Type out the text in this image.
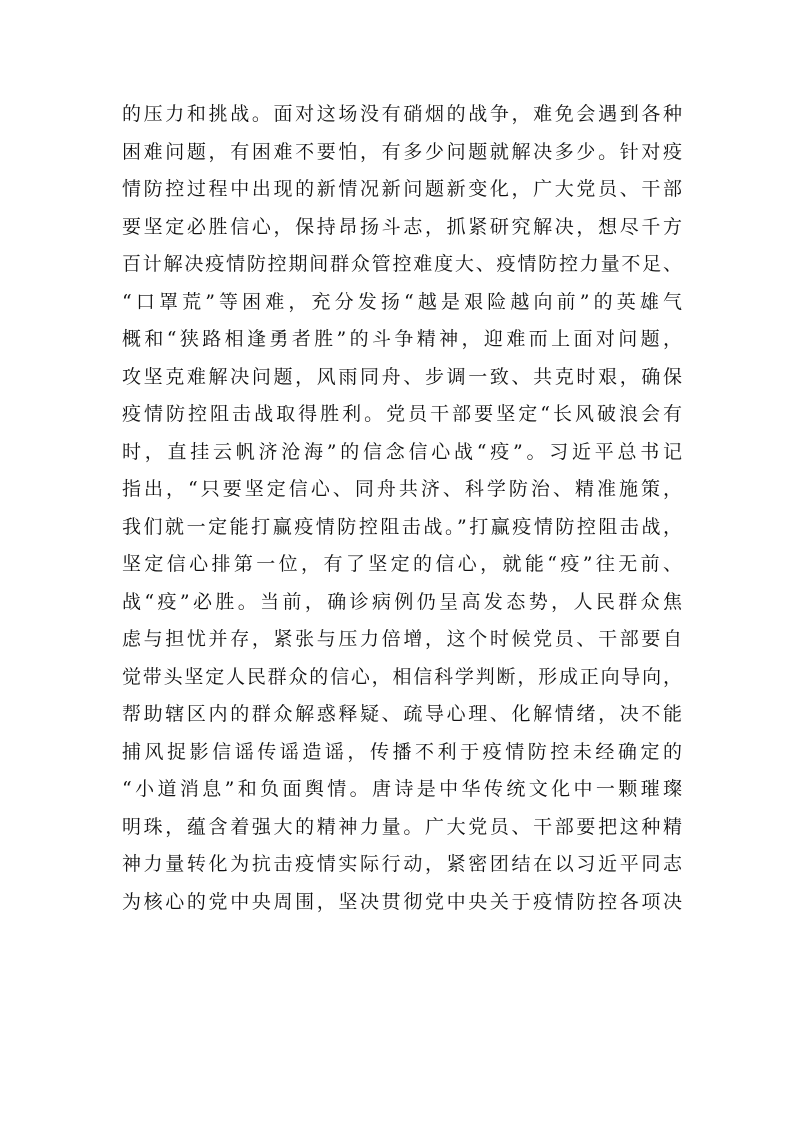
的压力和挑战。面对这场没有硝烟的战争，难免会遇到各种
困难问题，有困难不要怕，有多少问题就解决多少。针对疫
情防控过程中出现的新情况新问题新变化，广大党员、干部
要坚定必胜信心，保持昂扬斗志，抓紧研究解决，想尽千方
百计解决疫情防控期间群众管控难度大、疫情防控力量不足、
“口罩荒”等困难，充分发扬“越是艰险越向前”的英雄气
概和“狭路相逢勇者胜”的斗争精神，迎难而上面对问题，
攻坚克难解决问题，风雨同舟、步调一致、共克时艰，确保
疫情防控阻击战取得胜利。党员干部要坚定“长风破浪会有
时，直挂云帆济沧海”的信念信心战“疫”。习近平总书记
指出，“只要坚定信心、同舟共济、科学防治、精准施策，
我们就一定能打赢疫情防控阻击战。”打赢疫情防控阻击战，
坚定信心排第一位，有了坚定的信心，就能“疫”往无前、
战“疫”必胜。当前，确诊病例仍呈高发态势，人民群众焦
虑与担忧并存，紧张与压力倍增，这个时候党员、干部要自
觉带头坚定人民群众的信心，相信科学判断，形成正向导向，
帮助辖区内的群众解惑释疑、疏导心理、化解情绪，决不能
捕风捉影信谣传谣造谣，传播不利于疫情防控未经确定的
“小道消息”和负面舆情。唐诗是中华传统文化中一颗璀璨
明珠，蕴含着强大的精神力量。广大党员、干部要把这种精
神力量转化为抗击疫情实际行动，紧密团结在以习近平同志
为核心的党中央周围，坚决贯彻党中央关于疫情防控各项决
